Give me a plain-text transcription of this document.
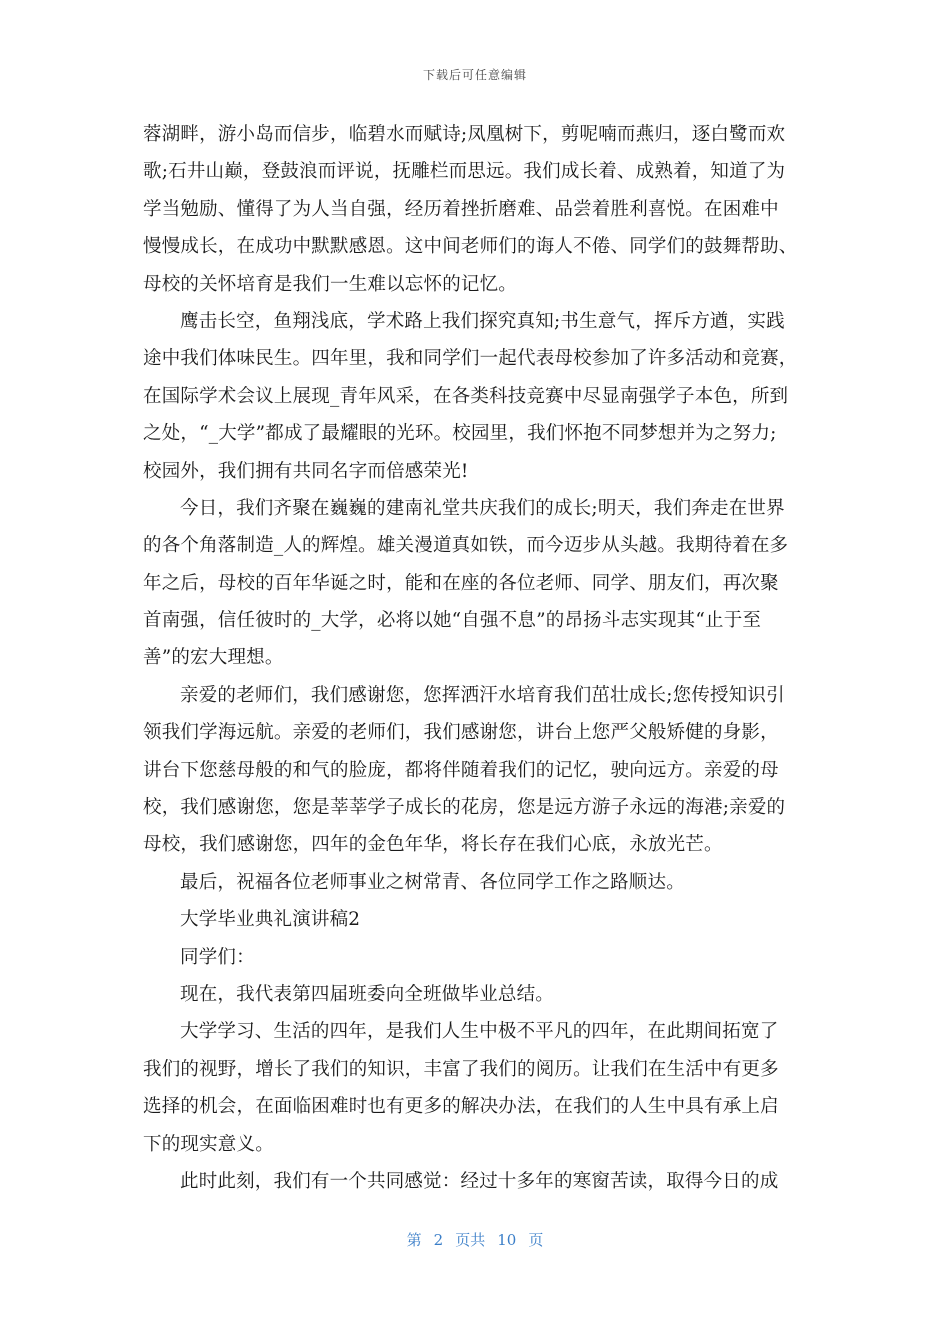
下载后可任意编辑
蓉湖畔，游小岛而信步，临碧水而赋诗;凤凰树下，剪呢喃而燕归，逐白鹭而欢
歌;石井山巅，登鼓浪而评说，抚雕栏而思远。我们成长着、成熟着，知道了为
学当勉励、懂得了为人当自强，经历着挫折磨难、品尝着胜利喜悦。在困难中
慢慢成长，在成功中默默感恩。这中间老师们的诲人不倦、同学们的鼓舞帮助、
母校的关怀培育是我们一生难以忘怀的记忆。
鹰击长空，鱼翔浅底，学术路上我们探究真知;书生意气，挥斥方遒，实践
途中我们体味民生。四年里，我和同学们一起代表母校参加了许多活动和竞赛，
在国际学术会议上展现_青年风采，在各类科技竞赛中尽显南强学子本色，所到
之处，“_大学”都成了最耀眼的光环。校园里，我们怀抱不同梦想并为之努力;
校园外，我们拥有共同名字而倍感荣光!
今日，我们齐聚在巍巍的建南礼堂共庆我们的成长;明天，我们奔走在世界
的各个角落制造_人的辉煌。雄关漫道真如铁，而今迈步从头越。我期待着在多
年之后，母校的百年华诞之时，能和在座的各位老师、同学、朋友们，再次聚
首南强，信任彼时的_大学，必将以她“自强不息”的昂扬斗志实现其“止于至
善”的宏大理想。
亲爱的老师们，我们感谢您，您挥洒汗水培育我们茁壮成长;您传授知识引
领我们学海远航。亲爱的老师们，我们感谢您，讲台上您严父般矫健的身影，
讲台下您慈母般的和气的脸庞，都将伴随着我们的记忆，驶向远方。亲爱的母
校，我们感谢您，您是莘莘学子成长的花房，您是远方游子永远的海港;亲爱的
母校，我们感谢您，四年的金色年华，将长存在我们心底，永放光芒。
最后，祝福各位老师事业之树常青、各位同学工作之路顺达。
大学毕业典礼演讲稿2
同学们：
现在，我代表第四届班委向全班做毕业总结。
大学学习、生活的四年，是我们人生中极不平凡的四年，在此期间拓宽了
我们的视野，增长了我们的知识，丰富了我们的阅历。让我们在生活中有更多
选择的机会，在面临困难时也有更多的解决办法，在我们的人生中具有承上启
下的现实意义。
此时此刻，我们有一个共同感觉：经过十多年的寒窗苦读，取得今日的成
第 2 页共 10 页
